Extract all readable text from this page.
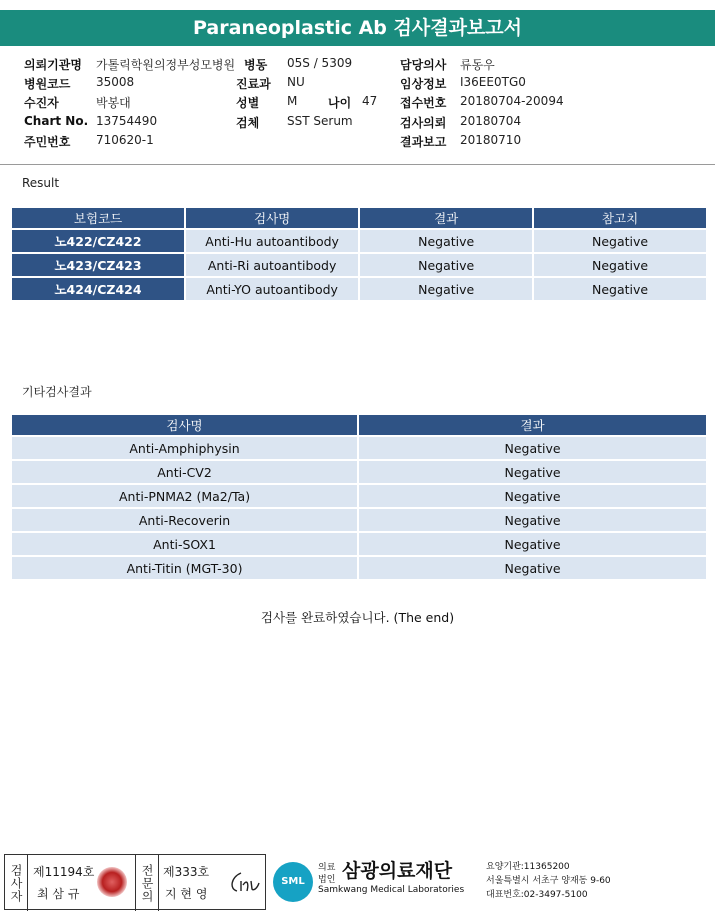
Paraneoplastic Ab 검사결과보고서
의뢰기관명 가톨릭학원의정부성모병원 병동 05S / 5309	담당의사 류동우
병원코드 35008	진료과 NU	임상정보 I36EE0TG0
수진자	박봉대	성별 M	나이 47 접수번호 20180704-20094
Chart No. 13754490	검체 SST Serum	검사의뢰 20180704
주민번호 710620-1	결과보고 20180710
Result
보험코드	검사명	결과	참고치
노422/CZ422	Anti-Hu autoantibody	Negative	Negative
노423/CZ423	Anti-Ri autoantibody	Negative	Negative
노424/CZ424	Anti-YO autoantibody	Negative	Negative
기타검사결과
검사명	결과
Anti-Amphiphysin	Negative
Anti-CV2	Negative
Anti-PNMA2 (Ma2/Ta)	Negative
Anti-Recoverin	Negative
Anti-SOX1	Negative
Anti-Titin (MGT-30)	Negative
검사를 완료하였습니다. (The end)
검사자 제11194호
최 삼 규	전문의 제333호
지 현 영
SML
의료
법인 삼광의료재단
Samkwang Medical Laboratories
요양기관:11365200
서울특별시 서초구 양재동 9-60
대표번호:02-3497-5100
